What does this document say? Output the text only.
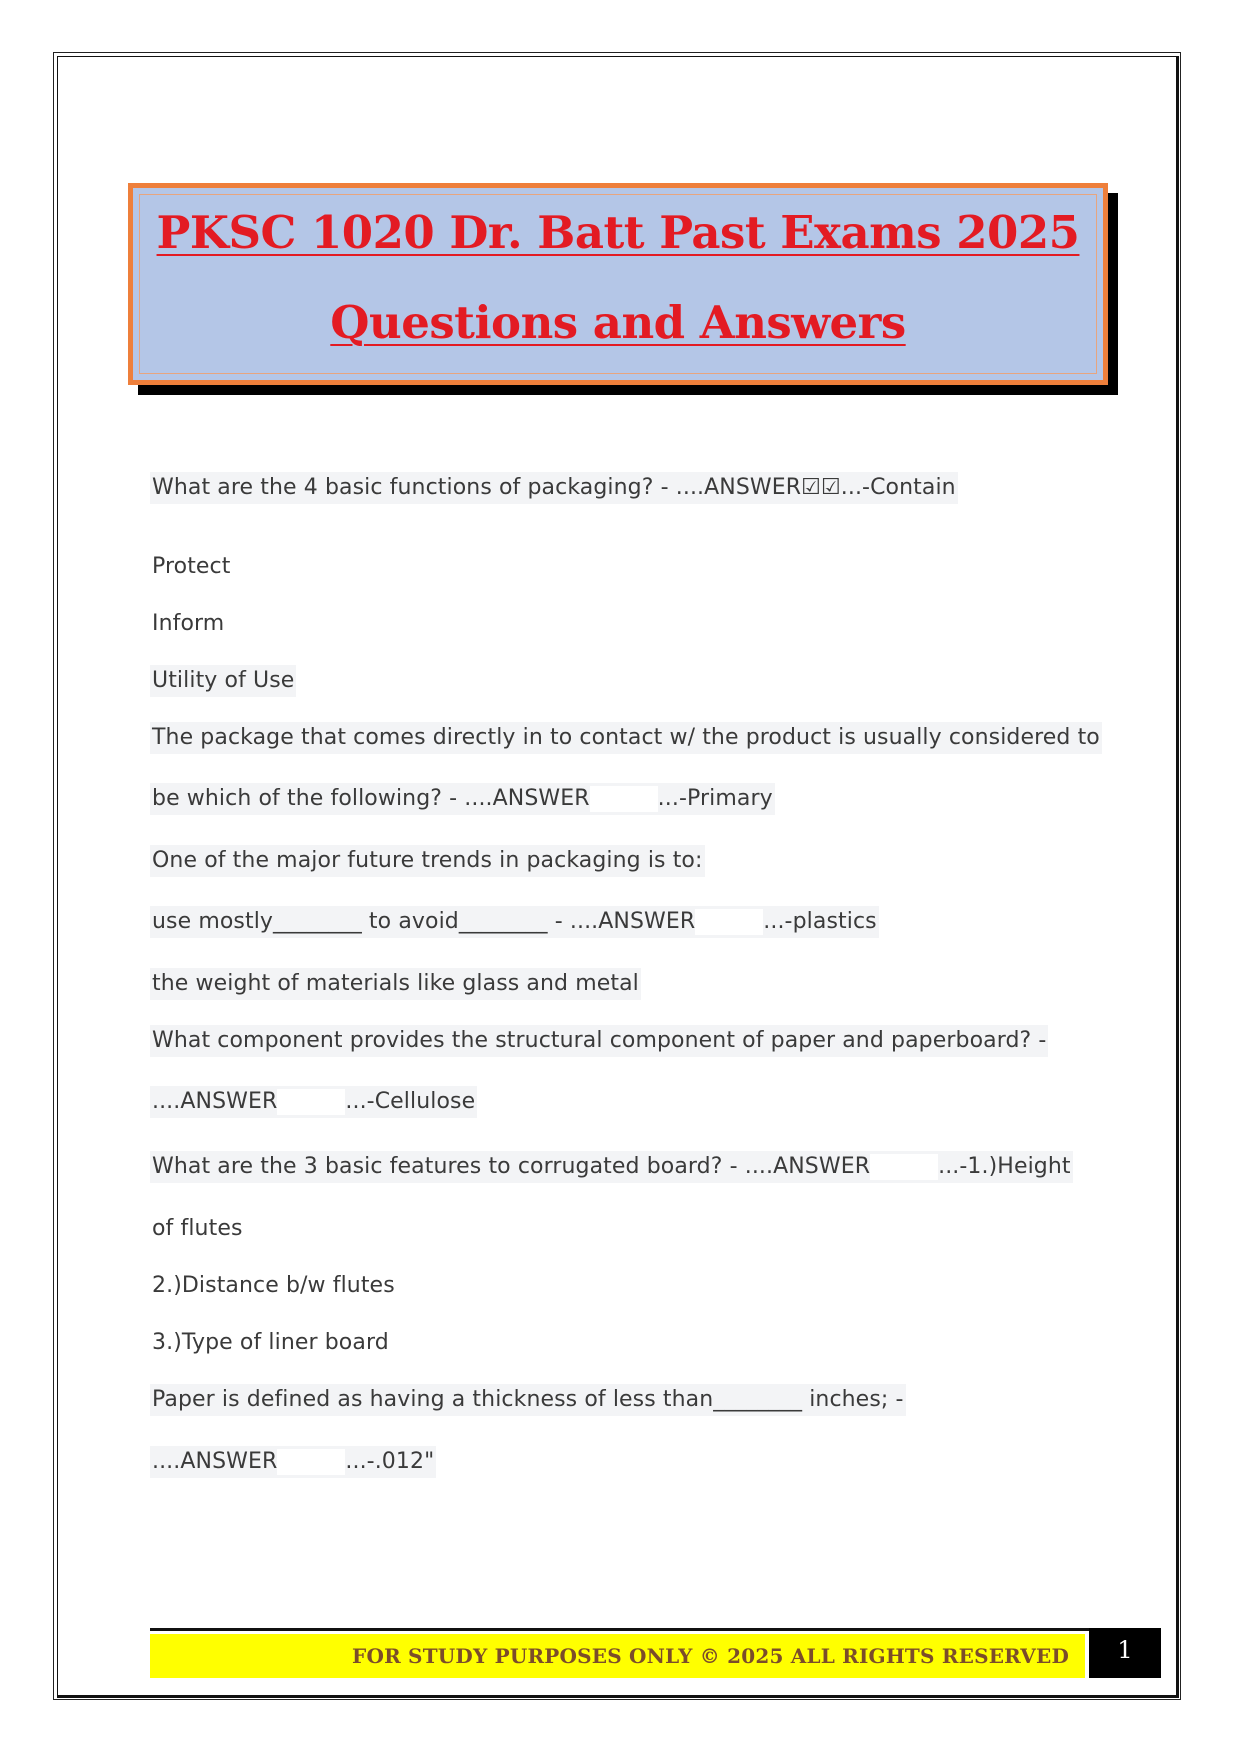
PKSC 1020 Dr. Batt Past Exams 2025
Questions and Answers
What are the 4 basic functions of packaging? - ....ANSWER☑☑...-Contain
Protect
Inform
Utility of Use
The package that comes directly in to contact w/ the product is usually considered to
be which of the following? - ....ANSWER	...-Primary
One of the major future trends in packaging is to:
use mostly________ to avoid________ - ....ANSWER	...-plastics
the weight of materials like glass and metal
What component provides the structural component of paper and paperboard? -
....ANSWER	...-Cellulose
What are the 3 basic features to corrugated board? - ....ANSWER	...-1.)Height
of flutes
2.)Distance b/w flutes
3.)Type of liner board
Paper is defined as having a thickness of less than________ inches; -
....ANSWER	...-.012"
FOR STUDY PURPOSES ONLY © 2025 ALL RIGHTS RESERVED	1
